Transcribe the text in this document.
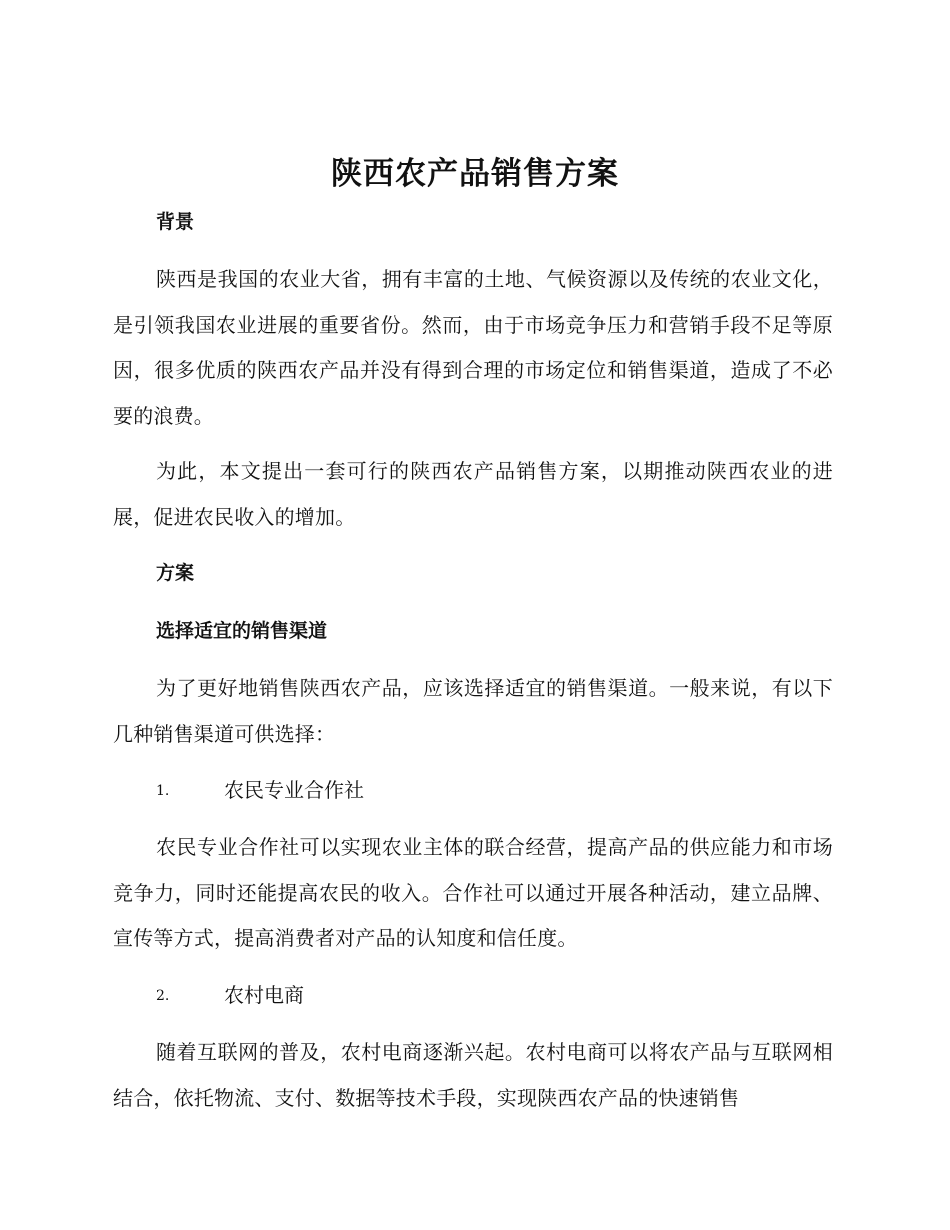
陕西农产品销售方案
背景

陕西是我国的农业大省，拥有丰富的土地、气候资源以及传统的农业文化，是引领我国农业进展的重要省份。然而，由于市场竞争压力和营销手段不足等原因，很多优质的陕西农产品并没有得到合理的市场定位和销售渠道，造成了不必要的浪费。

为此，本文提出一套可行的陕西农产品销售方案，以期推动陕西农业的进展，促进农民收入的增加。

方案
选择适宜的销售渠道

为了更好地销售陕西农产品，应该选择适宜的销售渠道。一般来说，有以下几种销售渠道可供选择：

1.	农民专业合作社

农民专业合作社可以实现农业主体的联合经营，提高产品的供应能力和市场竞争力，同时还能提高农民的收入。合作社可以通过开展各种活动，建立品牌、宣传等方式，提高消费者对产品的认知度和信任度。

2.	农村电商

随着互联网的普及，农村电商逐渐兴起。农村电商可以将农产品与互联网相结合，依托物流、支付、数据等技术手段，实现陕西农产品的快速销售
